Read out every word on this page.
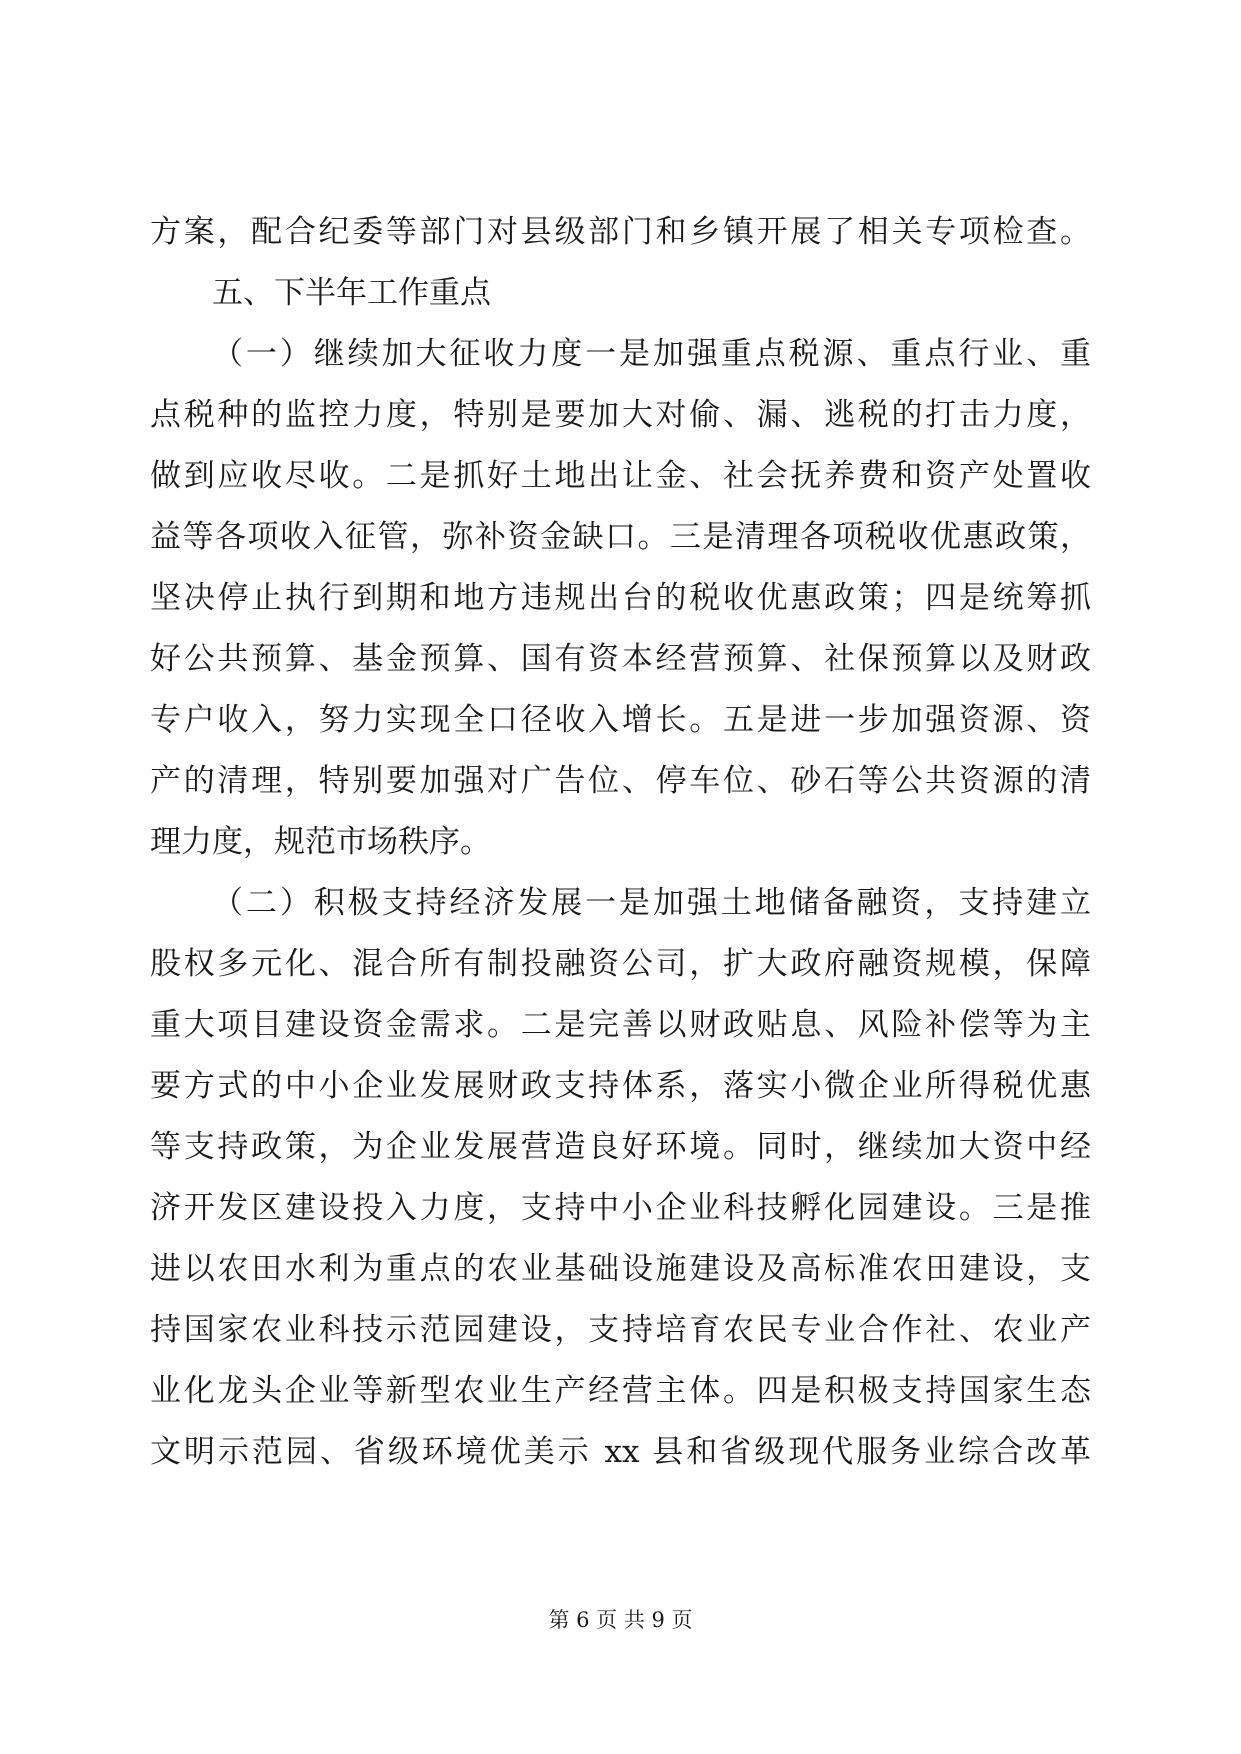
方案，配合纪委等部门对县级部门和乡镇开展了相关专项检查。
五、下半年工作重点
（一）继续加大征收力度一是加强重点税源、重点行业、重
点税种的监控力度，特别是要加大对偷、漏、逃税的打击力度，
做到应收尽收。二是抓好土地出让金、社会抚养费和资产处置收
益等各项收入征管，弥补资金缺口。三是清理各项税收优惠政策，
坚决停止执行到期和地方违规出台的税收优惠政策；四是统筹抓
好公共预算、基金预算、国有资本经营预算、社保预算以及财政
专户收入，努力实现全口径收入增长。五是进一步加强资源、资
产的清理，特别要加强对广告位、停车位、砂石等公共资源的清
理力度，规范市场秩序。
（二）积极支持经济发展一是加强土地储备融资，支持建立
股权多元化、混合所有制投融资公司，扩大政府融资规模，保障
重大项目建设资金需求。二是完善以财政贴息、风险补偿等为主
要方式的中小企业发展财政支持体系，落实小微企业所得税优惠
等支持政策，为企业发展营造良好环境。同时，继续加大资中经
济开发区建设投入力度，支持中小企业科技孵化园建设。三是推
进以农田水利为重点的农业基础设施建设及高标准农田建设，支
持国家农业科技示范园建设，支持培育农民专业合作社、农业产
业化龙头企业等新型农业生产经营主体。四是积极支持国家生态
文明示范园、省级环境优美示 xx 县和省级现代服务业综合改革
第 6 页 共 9 页
